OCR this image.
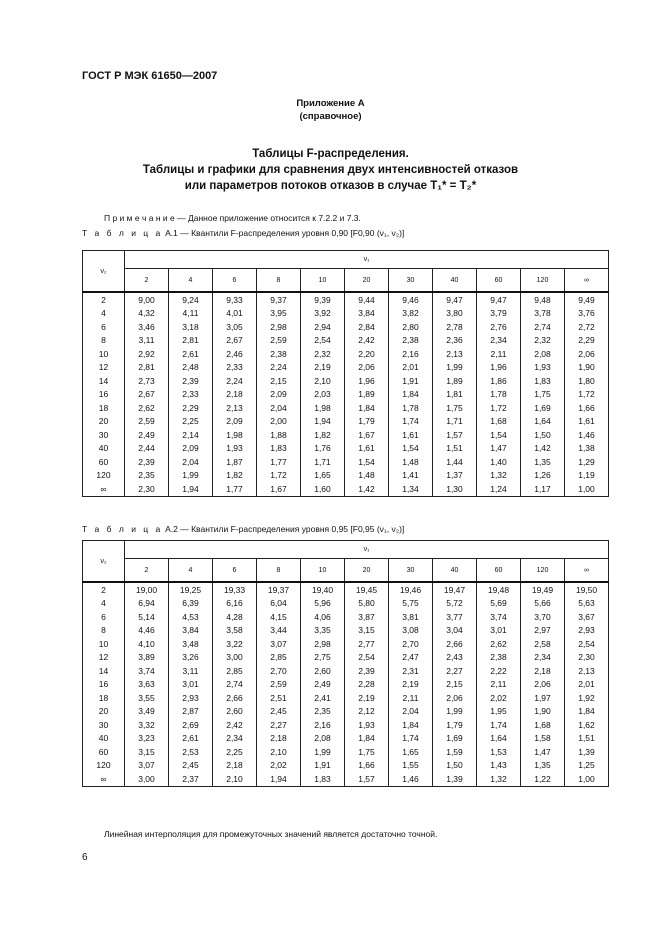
ГОСТ Р МЭК 61650—2007
Приложение А
(справочное)
Таблицы F-распределения.
Таблицы и графики для сравнения двух интенсивностей отказов
или параметров потоков отказов в случае T₁* = T₂*
П р и м е ч а н и е — Данное приложение относится к 7.2.2 и 7.3.
Т а б л и ц а А.1 — Квантили F-распределения уровня 0,90 [F0,90 (ν₁, ν₂)]
ν₂	ν₁										
	2	4	6	8	10	20	30	40	60	120	∞
2	9,00	9,24	9,33	9,37	9,39	9,44	9,46	9,47	9,47	9,48	9,49
4	4,32	4,11	4,01	3,95	3,92	3,84	3,82	3,80	3,79	3,78	3,76
6	3,46	3,18	3,05	2,98	2,94	2,84	2,80	2,78	2,76	2,74	2,72
8	3,11	2,81	2,67	2,59	2,54	2,42	2,38	2,36	2,34	2,32	2,29
10	2,92	2,61	2,46	2,38	2,32	2,20	2,16	2,13	2,11	2,08	2,06
12	2,81	2,48	2,33	2,24	2,19	2,06	2,01	1,99	1,96	1,93	1,90
14	2,73	2,39	2,24	2,15	2,10	1,96	1,91	1,89	1,86	1,83	1,80
16	2,67	2,33	2,18	2,09	2,03	1,89	1,84	1,81	1,78	1,75	1,72
18	2,62	2,29	2,13	2,04	1,98	1,84	1,78	1,75	1,72	1,69	1,66
20	2,59	2,25	2,09	2,00	1,94	1,79	1,74	1,71	1,68	1,64	1,61
30	2,49	2,14	1,98	1,88	1,82	1,67	1,61	1,57	1,54	1,50	1,46
40	2,44	2,09	1,93	1,83	1,76	1,61	1,54	1,51	1,47	1,42	1,38
60	2,39	2,04	1,87	1,77	1,71	1,54	1,48	1,44	1,40	1,35	1,29
120	2,35	1,99	1,82	1,72	1,65	1,48	1,41	1,37	1,32	1,26	1,19
∞	2,30	1,94	1,77	1,67	1,60	1,42	1,34	1,30	1,24	1,17	1,00
Т а б л и ц а А.2 — Квантили F-распределения уровня 0,95 [F0,95 (ν₁, ν₂)]
ν₂	ν₁										
	2	4	6	8	10	20	30	40	60	120	∞
2	19,00	19,25	19,33	19,37	19,40	19,45	19,46	19,47	19,48	19,49	19,50
4	6,94	6,39	6,16	6,04	5,96	5,80	5,75	5,72	5,69	5,66	5,63
6	5,14	4,53	4,28	4,15	4,06	3,87	3,81	3,77	3,74	3,70	3,67
8	4,46	3,84	3,58	3,44	3,35	3,15	3,08	3,04	3,01	2,97	2,93
10	4,10	3,48	3,22	3,07	2,98	2,77	2,70	2,66	2,62	2,58	2,54
12	3,89	3,26	3,00	2,85	2,75	2,54	2,47	2,43	2,38	2,34	2,30
14	3,74	3,11	2,85	2,70	2,60	2,39	2,31	2,27	2,22	2,18	2,13
16	3,63	3,01	2,74	2,59	2,49	2,28	2,19	2,15	2,11	2,06	2,01
18	3,55	2,93	2,66	2,51	2,41	2,19	2,11	2,06	2,02	1,97	1,92
20	3,49	2,87	2,60	2,45	2,35	2,12	2,04	1,99	1,95	1,90	1,84
30	3,32	2,69	2,42	2,27	2,16	1,93	1,84	1,79	1,74	1,68	1,62
40	3,23	2,61	2,34	2,18	2,08	1,84	1,74	1,69	1,64	1,58	1,51
60	3,15	2,53	2,25	2,10	1,99	1,75	1,65	1,59	1,53	1,47	1,39
120	3,07	2,45	2,18	2,02	1,91	1,66	1,55	1,50	1,43	1,35	1,25
∞	3,00	2,37	2,10	1,94	1,83	1,57	1,46	1,39	1,32	1,22	1,00
Линейная интерполяция для промежуточных значений является достаточно точной.
6
